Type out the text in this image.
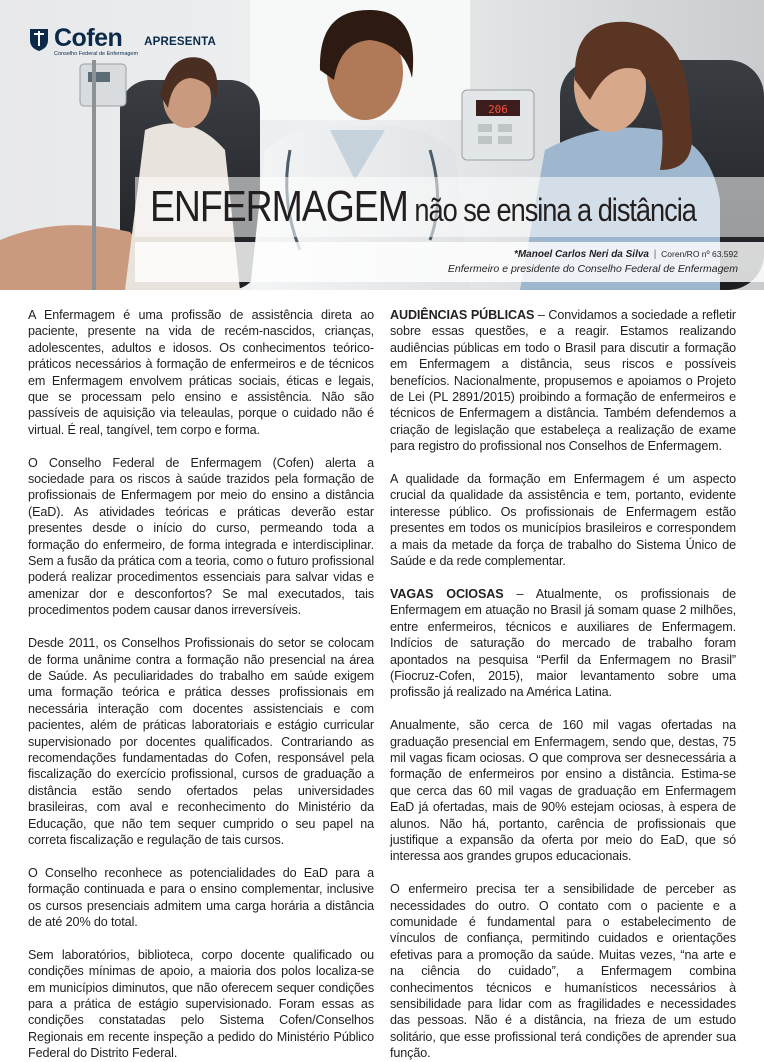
206
Cofen
Conselho Federal de Enfermagem
APRESENTA
ENFERMAGEM não se ensina a distância
*Manoel Carlos Neri da Silva | Coren/RO nº 63.592
Enfermeiro e presidente do Conselho Federal de Enfermagem

A Enfermagem é uma profissão de assistência direta ao paciente, presente na vida de recém-nascidos, crianças, adolescentes, adultos e idosos. Os conhecimentos teórico-práticos necessários à formação de enfermeiros e de técnicos em Enfermagem envolvem práticas sociais, éticas e legais, que se processam pelo ensino e assistência. Não são passíveis de aquisição via teleaulas, porque o cuidado não é virtual. É real, tangível, tem corpo e forma.

O Conselho Federal de Enfermagem (Cofen) alerta a sociedade para os riscos à saúde trazidos pela formação de profissionais de Enfermagem por meio do ensino a distância (EaD). As atividades teóricas e práticas deverão estar presentes desde o início do curso, permeando toda a formação do enfermeiro, de forma integrada e interdisciplinar. Sem a fusão da prática com a teoria, como o futuro profissional poderá realizar procedimentos essenciais para salvar vidas e amenizar dor e desconfortos? Se mal executados, tais procedimentos podem causar danos irreversíveis.

Desde 2011, os Conselhos Profissionais do setor se colocam de forma unânime contra a formação não presencial na área de Saúde. As peculiaridades do trabalho em saúde exigem uma formação teórica e prática desses profissionais em necessária interação com docentes assistenciais e com pacientes, além de práticas laboratoriais e estágio curricular supervisionado por docentes qualificados. Contrariando as recomendações fundamentadas do Cofen, responsável pela fiscalização do exercício profissional, cursos de graduação a distância estão sendo ofertados pelas universidades brasileiras, com aval e reconhecimento do Ministério da Educação, que não tem sequer cumprido o seu papel na correta fiscalização e regulação de tais cursos.

O Conselho reconhece as potencialidades do EaD para a formação continuada e para o ensino complementar, inclusive os cursos presenciais admitem uma carga horária a distância de até 20% do total.

Sem laboratórios, biblioteca, corpo docente qualificado ou condições mínimas de apoio, a maioria dos polos localiza-se em municípios diminutos, que não oferecem sequer condições para a prática de estágio supervisionado. Foram essas as condições constatadas pelo Sistema Cofen/Conselhos Regionais em recente inspeção a pedido do Ministério Público Federal do Distrito Federal.

AUDIÊNCIAS PÚBLICAS – Convidamos a sociedade a refletir sobre essas questões, e a reagir. Estamos realizando audiências públicas em todo o Brasil para discutir a formação em Enfermagem a distância, seus riscos e possíveis benefícios. Nacionalmente, propusemos e apoiamos o Projeto de Lei (PL 2891/2015) proibindo a formação de enfermeiros e técnicos de Enfermagem a distância. Também defendemos a criação de legislação que estabeleça a realização de exame para registro do profissional nos Conselhos de Enfermagem.

A qualidade da formação em Enfermagem é um aspecto crucial da qualidade da assistência e tem, portanto, evidente interesse público. Os profissionais de Enfermagem estão presentes em todos os municípios brasileiros e correspondem a mais da metade da força de trabalho do Sistema Único de Saúde e da rede complementar.

VAGAS OCIOSAS – Atualmente, os profissionais de Enfermagem em atuação no Brasil já somam quase 2 milhões, entre enfermeiros, técnicos e auxiliares de Enfermagem. Indícios de saturação do mercado de trabalho foram apontados na pesquisa “Perfil da Enfermagem no Brasil” (Fiocruz-Cofen, 2015), maior levantamento sobre uma profissão já realizado na América Latina.

Anualmente, são cerca de 160 mil vagas ofertadas na graduação presencial em Enfermagem, sendo que, destas, 75 mil vagas ficam ociosas. O que comprova ser desnecessária a formação de enfermeiros por ensino a distância. Estima-se que cerca das 60 mil vagas de graduação em Enfermagem EaD já ofertadas, mais de 90% estejam ociosas, à espera de alunos. Não há, portanto, carência de profissionais que justifique a expansão da oferta por meio do EaD, que só interessa aos grandes grupos educacionais.

O enfermeiro precisa ter a sensibilidade de perceber as necessidades do outro. O contato com o paciente e a comunidade é fundamental para o estabelecimento de vínculos de confiança, permitindo cuidados e orientações efetivas para a promoção da saúde. Muitas vezes, “na arte e na ciência do cuidado”, a Enfermagem combina conhecimentos técnicos e humanísticos necessários à sensibilidade para lidar com as fragilidades e necessidades das pessoas. Não é a distância, na frieza de um estudo solitário, que esse profissional terá condições de aprender sua função.
